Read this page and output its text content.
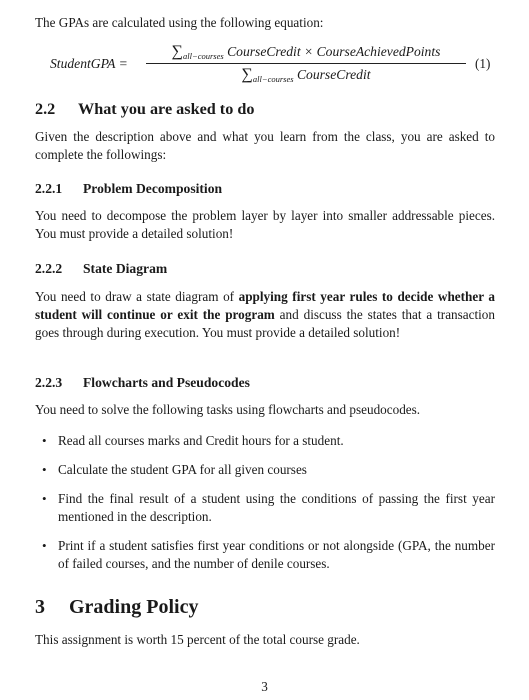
The GPAs are calculated using the following equation:

StudentGPA =
$\sum_{all-courses}$ CourseCredit × CourseAchievedPoints
$\sum_{all-courses}$ CourseCredit
(1)
2.2 What you are asked to do

Given the description above and what you learn from the class, you are asked to complete the followings:

2.2.1 Problem Decomposition

You need to decompose the problem layer by layer into smaller addressable pieces. You must provide a detailed solution!

2.2.2 State Diagram

You need to draw a state diagram of applying first year rules to decide whether a student will continue or exit the program and discuss the states that a transaction goes through during execution. You must provide a detailed solution!

2.2.3 Flowcharts and Pseudocodes

You need to solve the following tasks using flowcharts and pseudocodes.

• Read all courses marks and Credit hours for a student.
• Calculate the student GPA for all given courses
• Find the final result of a student using the conditions of passing the first year mentioned in the description.
• Print if a student satisfies first year conditions or not alongside (GPA, the number of failed courses, and the number of denile courses.
3 Grading Policy

This assignment is worth 15 percent of the total course grade.

3
